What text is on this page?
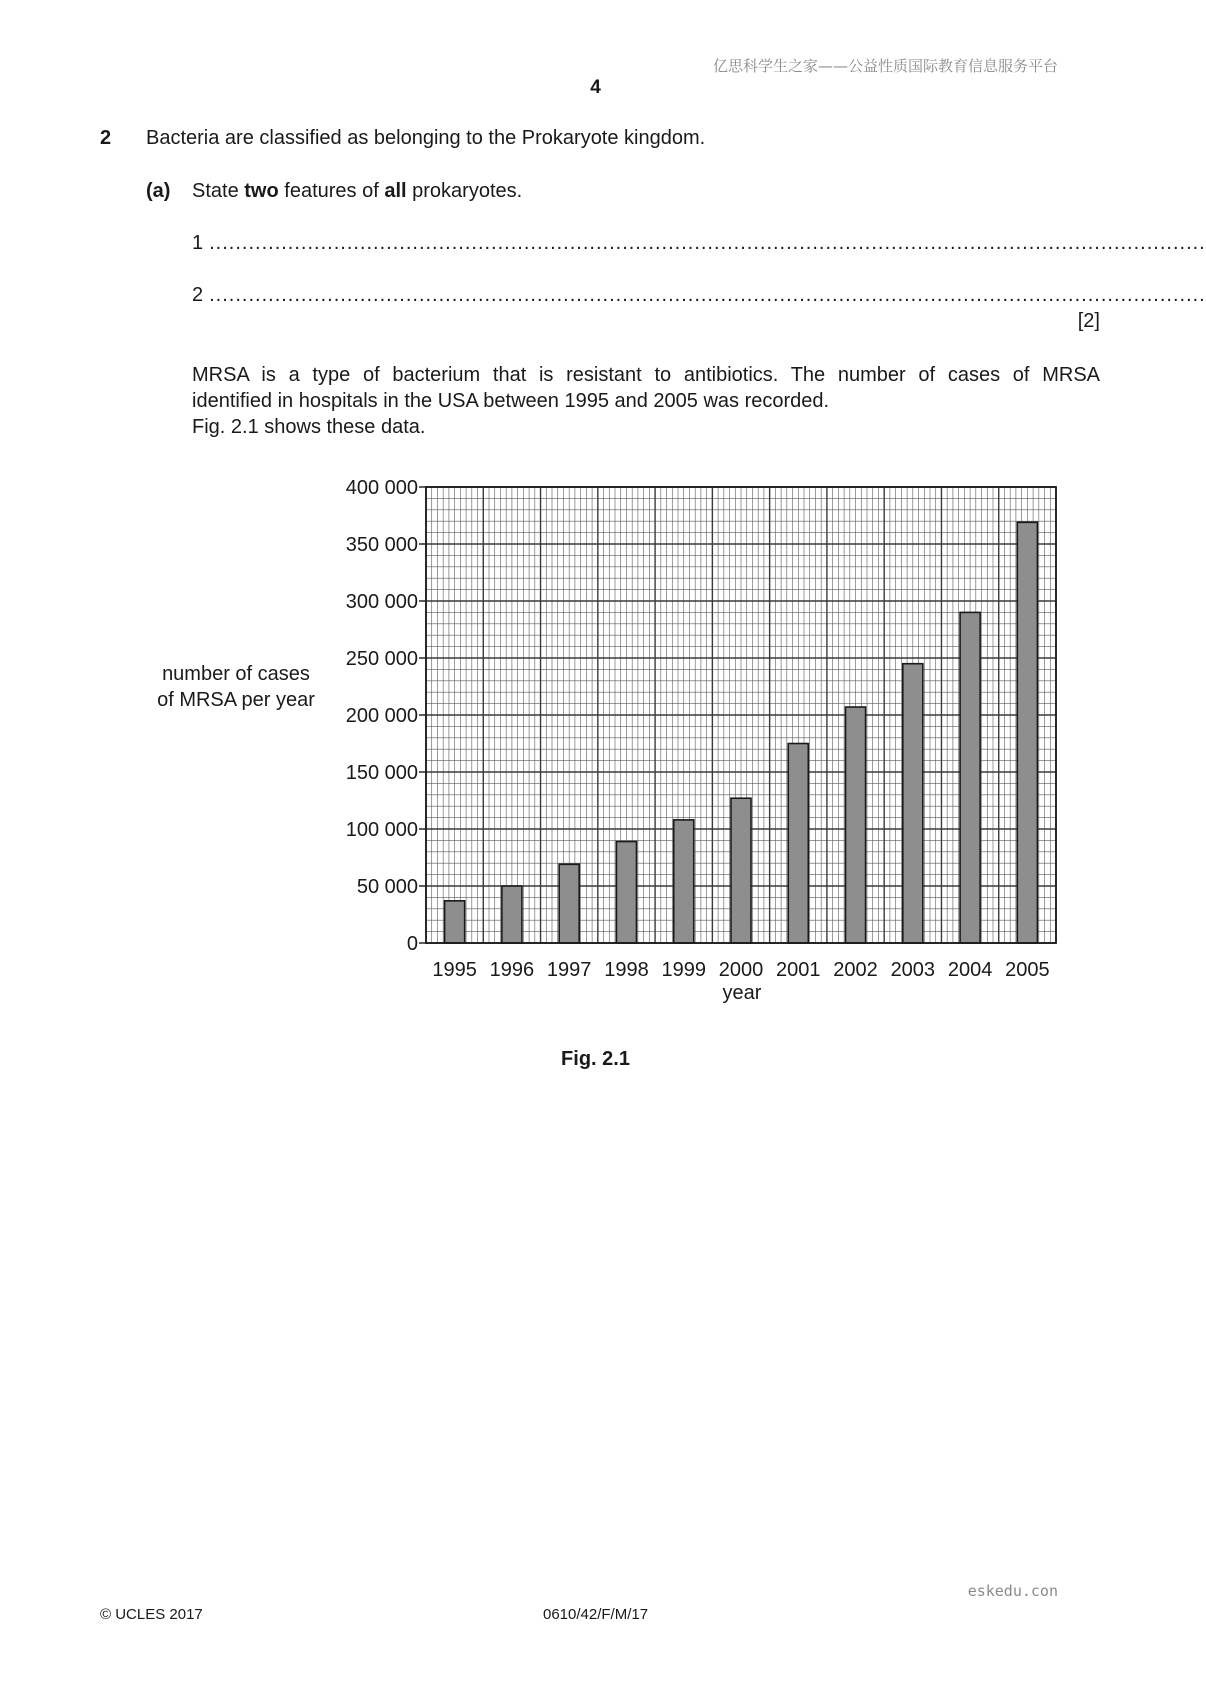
亿思科学生之家——公益性质国际教育信息服务平台
4
2 Bacteria are classified as belonging to the Prokaryote kingdom.
(a) State two features of all prokaryotes.
1 ........................................................................................................................................................
2 ........................................................................................................................................................
[2]
MRSA is a type of bacterium that is resistant to antibiotics. The number of cases of MRSA
identified in hospitals in the USA between 1995 and 2005 was recorded.
Fig. 2.1 shows these data.
0
50 000
100 000
150 000
200 000
250 000
300 000
350 000
400 000
1995 1996 1997 1998 1999 2000 2001 2002 2003 2004 2005
number of cases
of MRSA per year
year
Fig. 2.1
eskedu.con
© UCLES 2017	0610/42/F/M/17
